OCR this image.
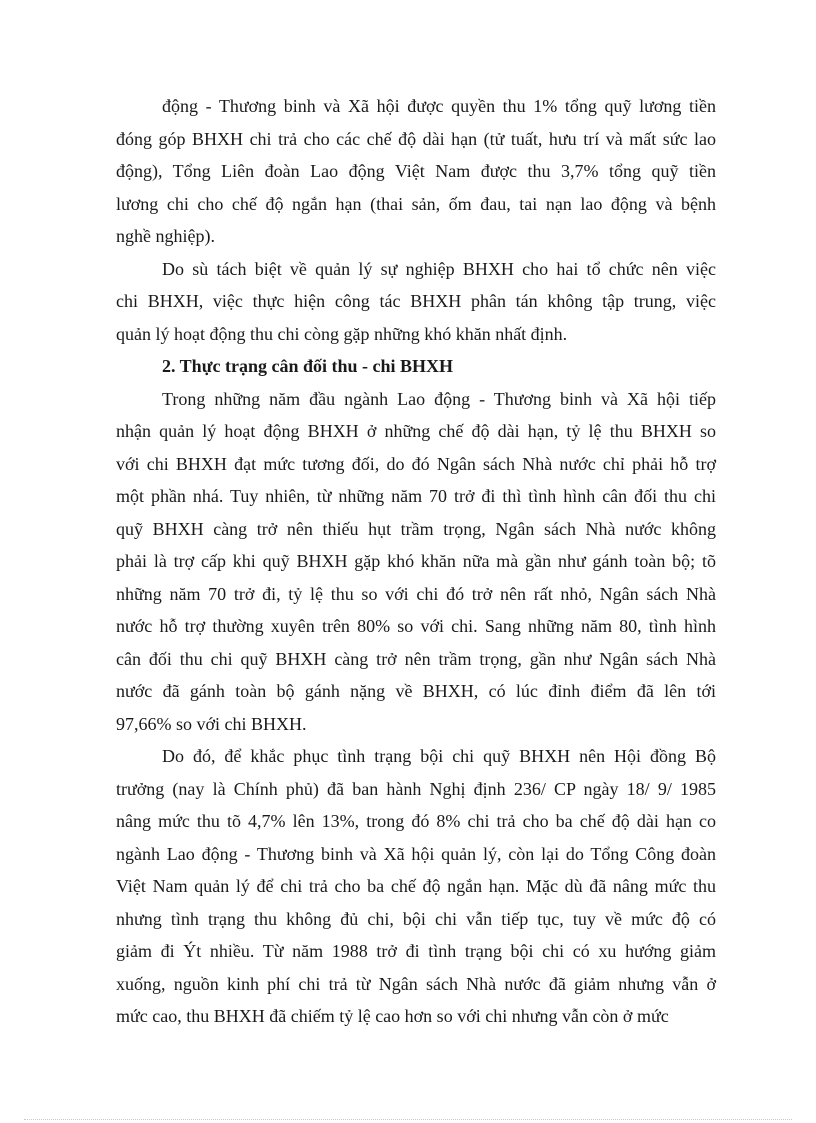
động - Thương binh và Xã hội được quyền thu 1% tổng quỹ lương tiền
đóng góp BHXH chi trả cho các chế độ dài hạn (tử tuất, hưu trí và mất sức lao
động), Tổng Liên đoàn Lao động Việt Nam được thu 3,7% tổng quỹ tiền
lương chi cho chế độ ngắn hạn (thai sản, ốm đau, tai nạn lao động và bệnh
nghề nghiệp).
Do sù tách biệt về quản lý sự nghiệp BHXH cho hai tổ chức nên việc
chi BHXH, việc thực hiện công tác BHXH phân tán không tập trung, việc
quản lý hoạt động thu chi còng gặp những khó khăn nhất định.
2. Thực trạng cân đối thu - chi BHXH
Trong những năm đầu ngành Lao động - Thương binh và Xã hội tiếp
nhận quản lý hoạt động BHXH ở những chế độ dài hạn, tỷ lệ thu BHXH so
với chi BHXH đạt mức tương đối, do đó Ngân sách Nhà nước chỉ phải hỗ trợ
một phần nhá. Tuy nhiên, từ những năm 70 trở đi thì tình hình cân đối thu chi
quỹ BHXH càng trở nên thiếu hụt trầm trọng, Ngân sách Nhà nước không
phải là trợ cấp khi quỹ BHXH gặp khó khăn nữa mà gần như gánh toàn bộ; tõ
những năm 70 trở đi, tỷ lệ thu so với chi đó trở nên rất nhỏ, Ngân sách Nhà
nước hỗ trợ thường xuyên trên 80% so với chi. Sang những năm 80, tình hình
cân đối thu chi quỹ BHXH càng trở nên trầm trọng, gần như Ngân sách Nhà
nước đã gánh toàn bộ gánh nặng về BHXH, có lúc đỉnh điểm đã lên tới
97,66% so với chi BHXH.
Do đó, để khắc phục tình trạng bội chi quỹ BHXH nên Hội đồng Bộ
trưởng (nay là Chính phủ) đã ban hành Nghị định 236/ CP ngày 18/ 9/ 1985
nâng mức thu tõ 4,7% lên 13%, trong đó 8% chi trả cho ba chế độ dài hạn co
ngành Lao động - Thương binh và Xã hội quản lý, còn lại do Tổng Công đoàn
Việt Nam quản lý để chi trả cho ba chế độ ngắn hạn. Mặc dù đã nâng mức thu
nhưng tình trạng thu không đủ chi, bội chi vẫn tiếp tục, tuy về mức độ có
giảm đi Ýt nhiều. Từ năm 1988 trở đi tình trạng bội chi có xu hướng giảm
xuống, nguồn kinh phí chi trả từ Ngân sách Nhà nước đã giảm nhưng vẫn ở
mức cao, thu BHXH đã chiếm tỷ lệ cao hơn so với chi nhưng vẫn còn ở mức
